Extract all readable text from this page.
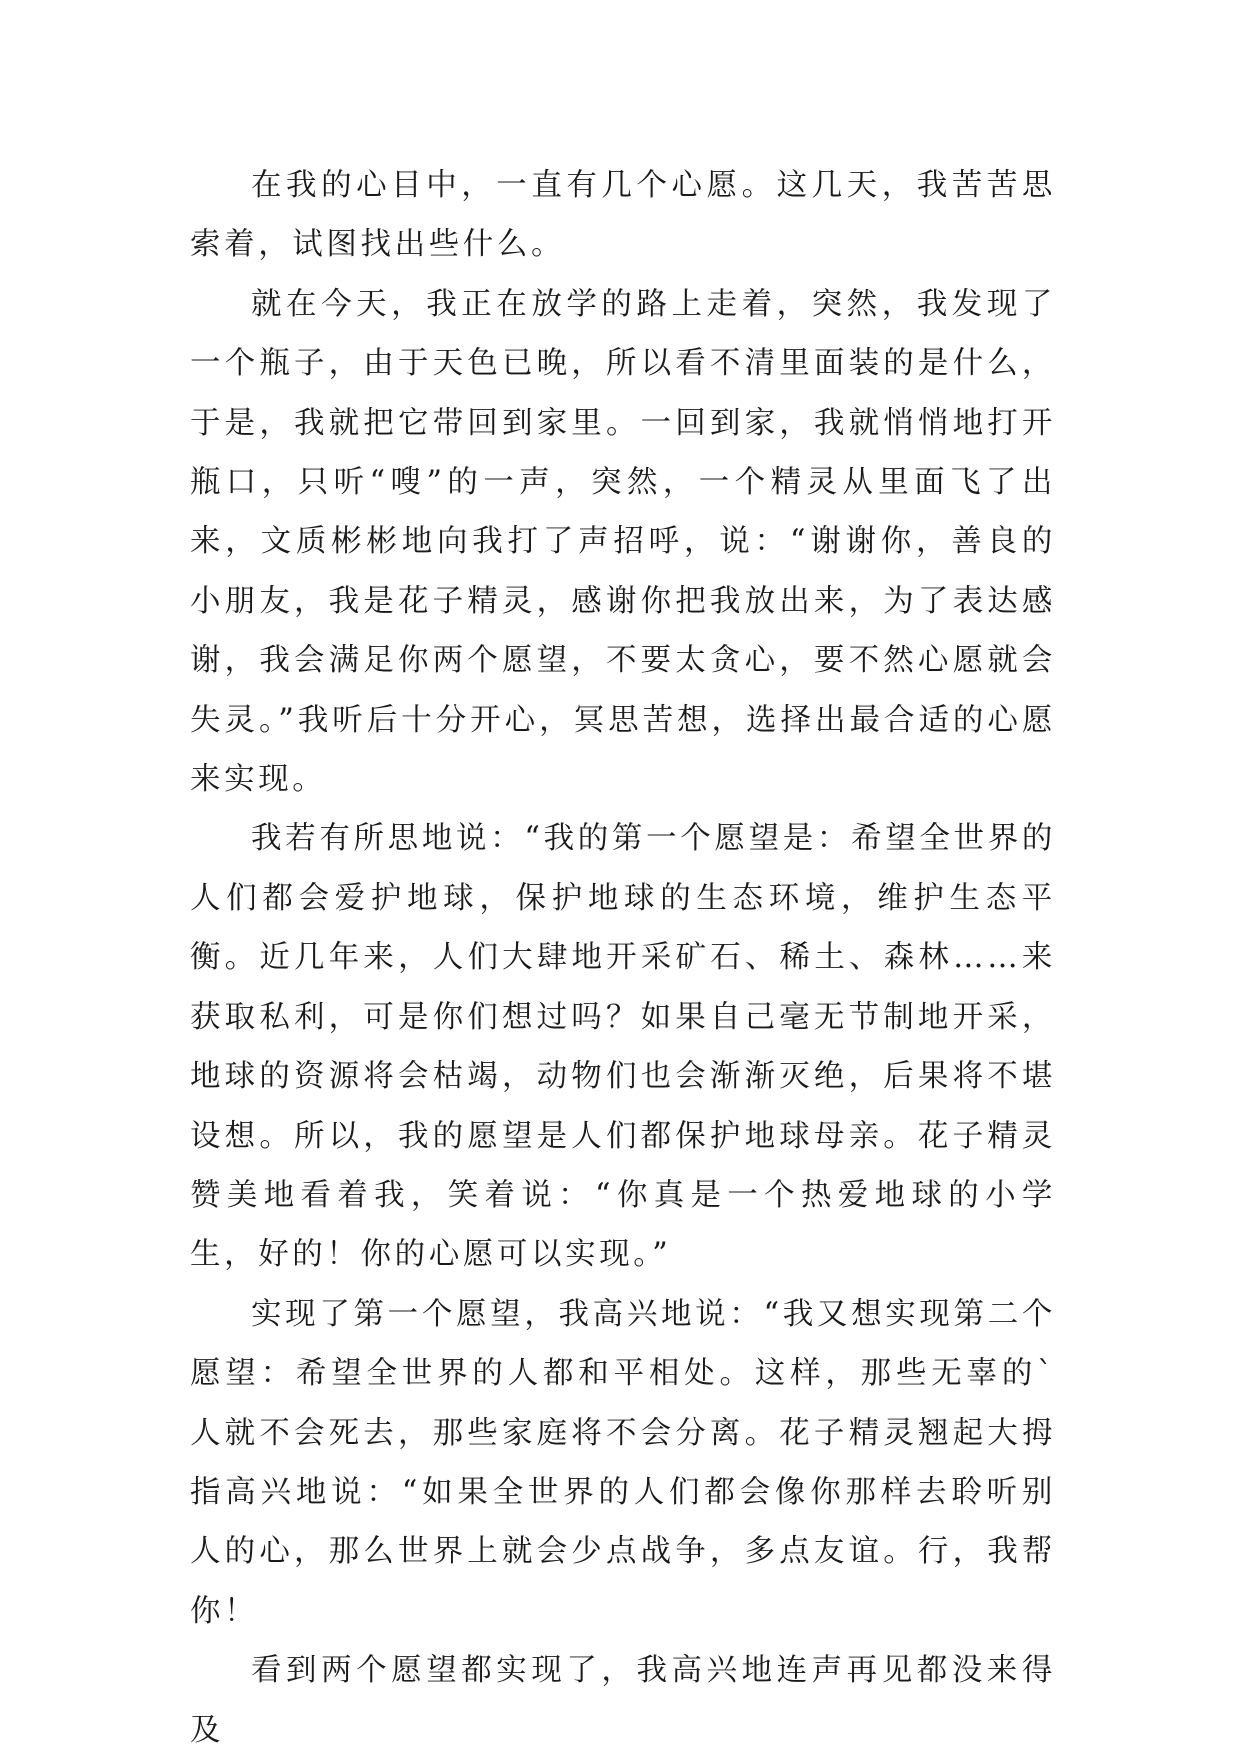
在我的心目中，一直有几个心愿。这几天，我苦苦思索着，试图找出些什么。

就在今天，我正在放学的路上走着，突然，我发现了一个瓶子，由于天色已晚，所以看不清里面装的是什么，于是，我就把它带回到家里。一回到家，我就悄悄地打开瓶口，只听“嗖”的一声，突然，一个精灵从里面飞了出来，文质彬彬地向我打了声招呼，说：“谢谢你，善良的小朋友，我是花子精灵，感谢你把我放出来，为了表达感谢，我会满足你两个愿望，不要太贪心，要不然心愿就会失灵。”我听后十分开心，冥思苦想，选择出最合适的心愿来实现。

我若有所思地说：“我的第一个愿望是：希望全世界的人们都会爱护地球，保护地球的生态环境，维护生态平衡。近几年来，人们大肆地开采矿石、稀土、森林……来获取私利，可是你们想过吗？如果自己毫无节制地开采，地球的资源将会枯竭，动物们也会渐渐灭绝，后果将不堪设想。所以，我的愿望是人们都保护地球母亲。花子精灵赞美地看着我，笑着说：“你真是一个热爱地球的小学生，好的！你的心愿可以实现。”

实现了第一个愿望，我高兴地说：“我又想实现第二个愿望：希望全世界的人都和平相处。这样，那些无辜的`人就不会死去，那些家庭将不会分离。花子精灵翘起大拇指高兴地说：“如果全世界的人们都会像你那样去聆听别人的心，那么世界上就会少点战争，多点友谊。行，我帮你！

看到两个愿望都实现了，我高兴地连声再见都没来得及
